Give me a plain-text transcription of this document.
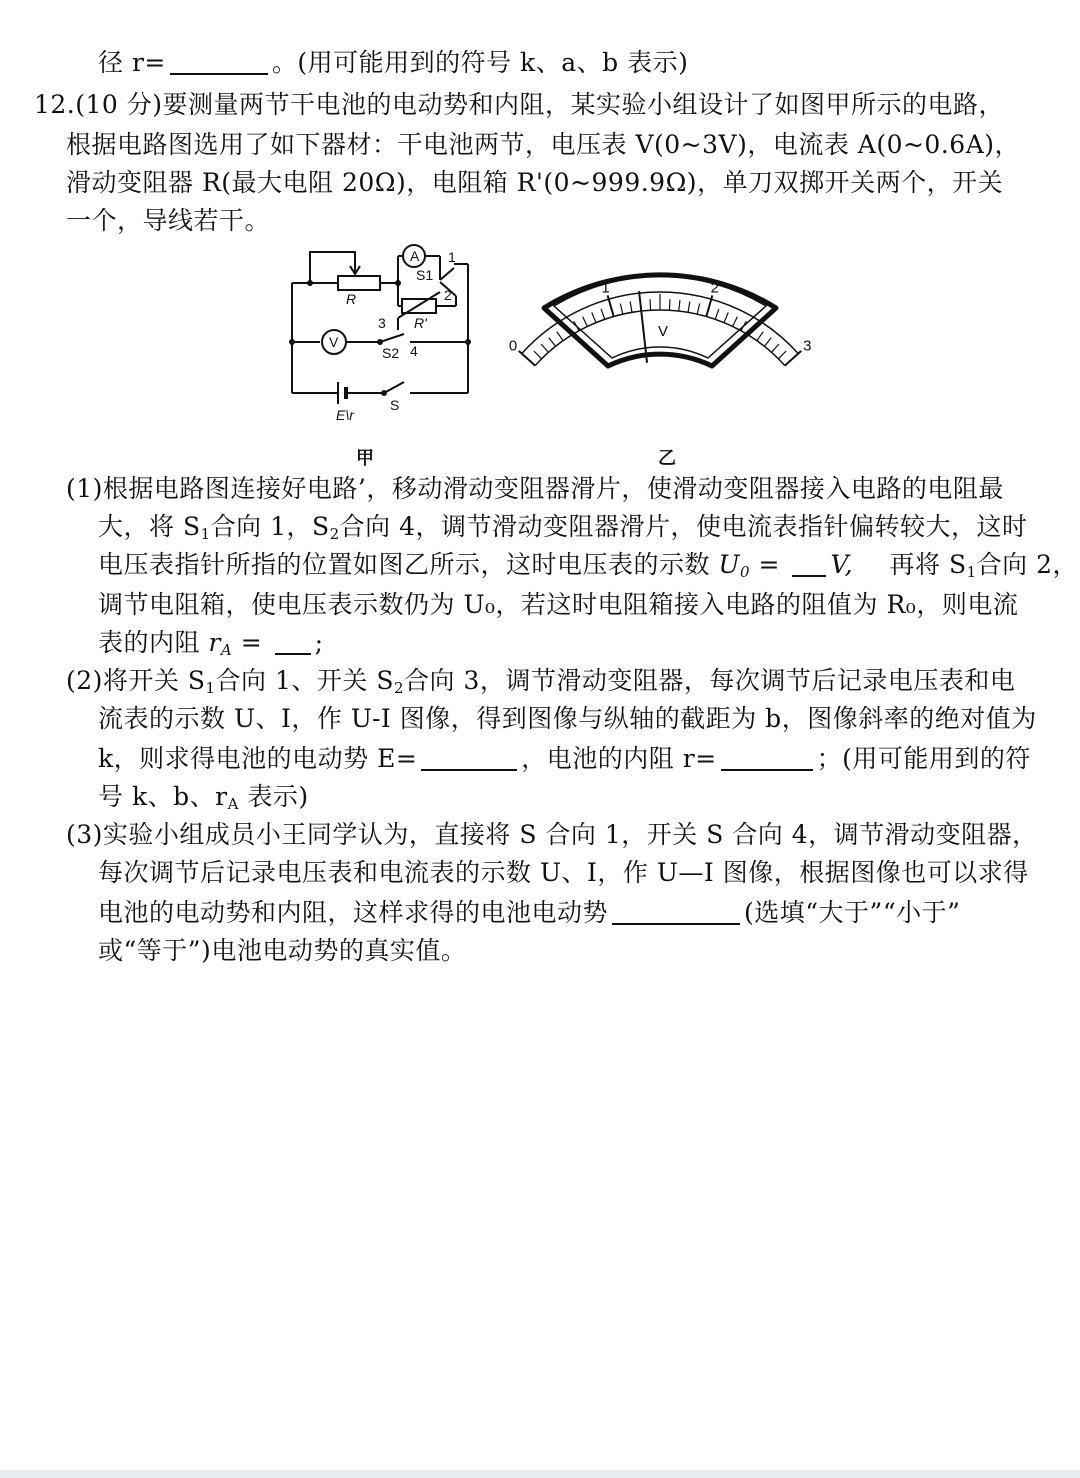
径 r=	。(用可能用到的符号 k、a、b 表示)
12.(10 分)要测量两节干电池的电动势和内阻，某实验小组设计了如图甲所示的电路，
根据电路图选用了如下器材：干电池两节，电压表 V(0~3V)，电流表 A(0~0.6A)，
滑动变阻器 R(最大电阻 20Ω)，电阻箱 R'(0~999.9Ω)，单刀双掷开关两个，开关
一个，导线若干。
A
V
R
R'
S1
S2
S
E\r
1
2
3
4	0
1	2
3
V
甲	乙
(1)根据电路图连接好电路’，移动滑动变阻器滑片，使滑动变阻器接入电路的电阻最
大，将 $S_1$合向 1，$S_2$合向 4，调节滑动变阻器滑片，使电流表指针偏转较大，这时
电压表指针所指的位置如图乙所示，这时电压表的示数 $U_0 = V$, 再将 $S_1$合向 2，
调节电阻箱，使电压表示数仍为 U₀，若这时电阻箱接入电路的阻值为 R₀，则电流
表的内阻 $r_A$ = ;
(2)将开关 $S_1$合向 1、开关 $S_2$合向 3，调节滑动变阻器，每次调节后记录电压表和电
流表的示数 U、I，作 U-I 图像，得到图像与纵轴的截距为 b，图像斜率的绝对值为
k，则求得电池的电动势 E=	，电池的内阻 r=	；(用可能用到的符
号 k、b、$r_A$ 表示)
(3)实验小组成员小王同学认为，直接将 S 合向 1，开关 S 合向 4，调节滑动变阻器，
每次调节后记录电压表和电流表的示数 U、I，作 U—I 图像，根据图像也可以求得
电池的电动势和内阻，这样求得的电池电动势	(选填“大于”“小于”
或“等于”)电池电动势的真实值。
